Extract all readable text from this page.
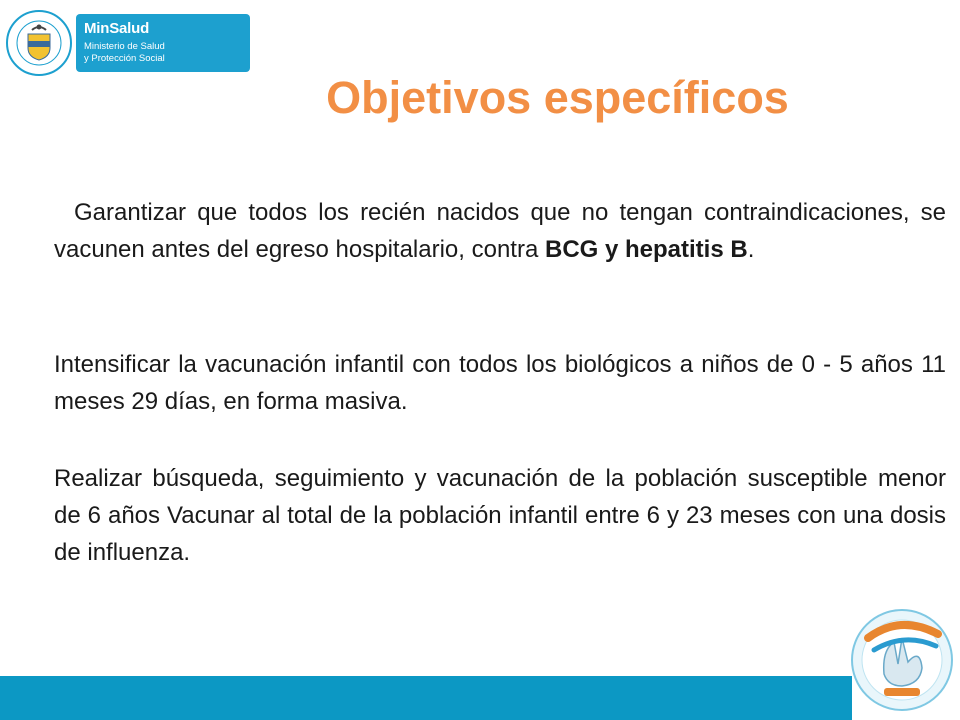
MinSalud
Ministerio de Salud
y Protección Social
Objetivos específicos
Garantizar que todos los recién nacidos que no tengan contraindicaciones, se vacunen antes del egreso hospitalario, contra BCG y hepatitis B.
Intensificar la vacunación infantil con todos los biológicos a niños de 0 - 5 años 11 meses 29 días, en forma masiva.
Realizar búsqueda, seguimiento y vacunación de la población susceptible menor de 6 años Vacunar al total de la población infantil entre 6 y 23 meses con una dosis de influenza.
